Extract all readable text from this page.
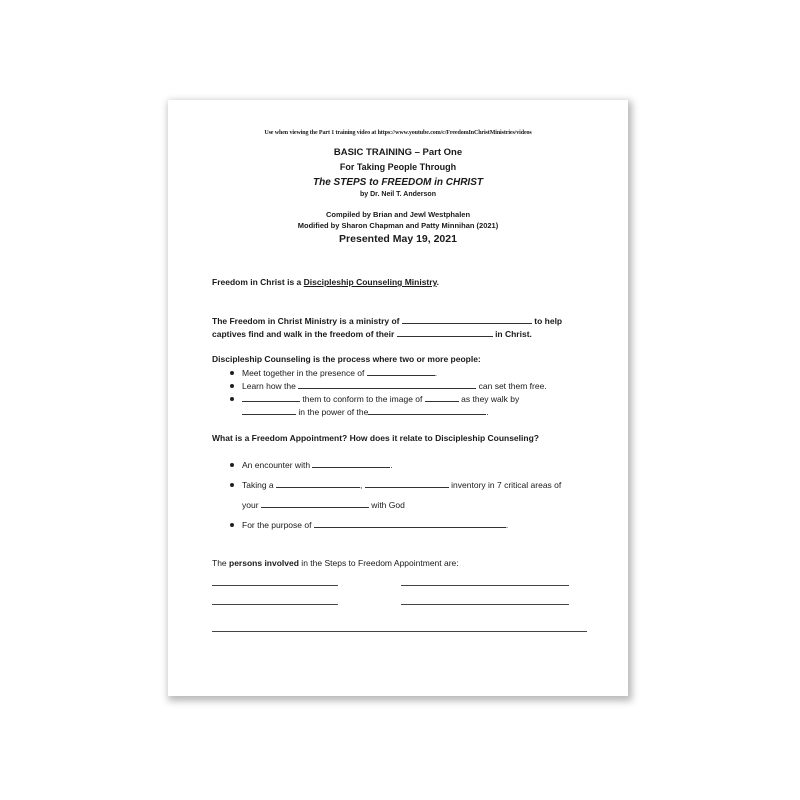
Use when viewing the Part 1 training video at https://www.youtube.com/c/FreedomInChristMinistries/videos
BASIC TRAINING – Part One
For Taking People Through
The STEPS to FREEDOM in CHRIST
by Dr. Neil T. Anderson
Compiled by Brian and Jewl Westphalen
Modified by Sharon Chapman and Patty Minnihan (2021)
Presented May 19, 2021
Freedom in Christ is a Discipleship Counseling Ministry.
The Freedom in Christ Ministry is a ministry of	to help
captives find and walk in the freedom of their	in Christ.
Discipleship Counseling is the process where two or more people:
Meet together in the presence of	.
Learn how the	can set them free.
them to conform to the image of	as they walk by
in the power of the	.
What is a Freedom Appointment? How does it relate to Discipleship Counseling?
An encounter with	.
Taking a	,	inventory in 7 critical areas of
your	with God
For the purpose of	.
The persons involved in the Steps to Freedom Appointment are:
